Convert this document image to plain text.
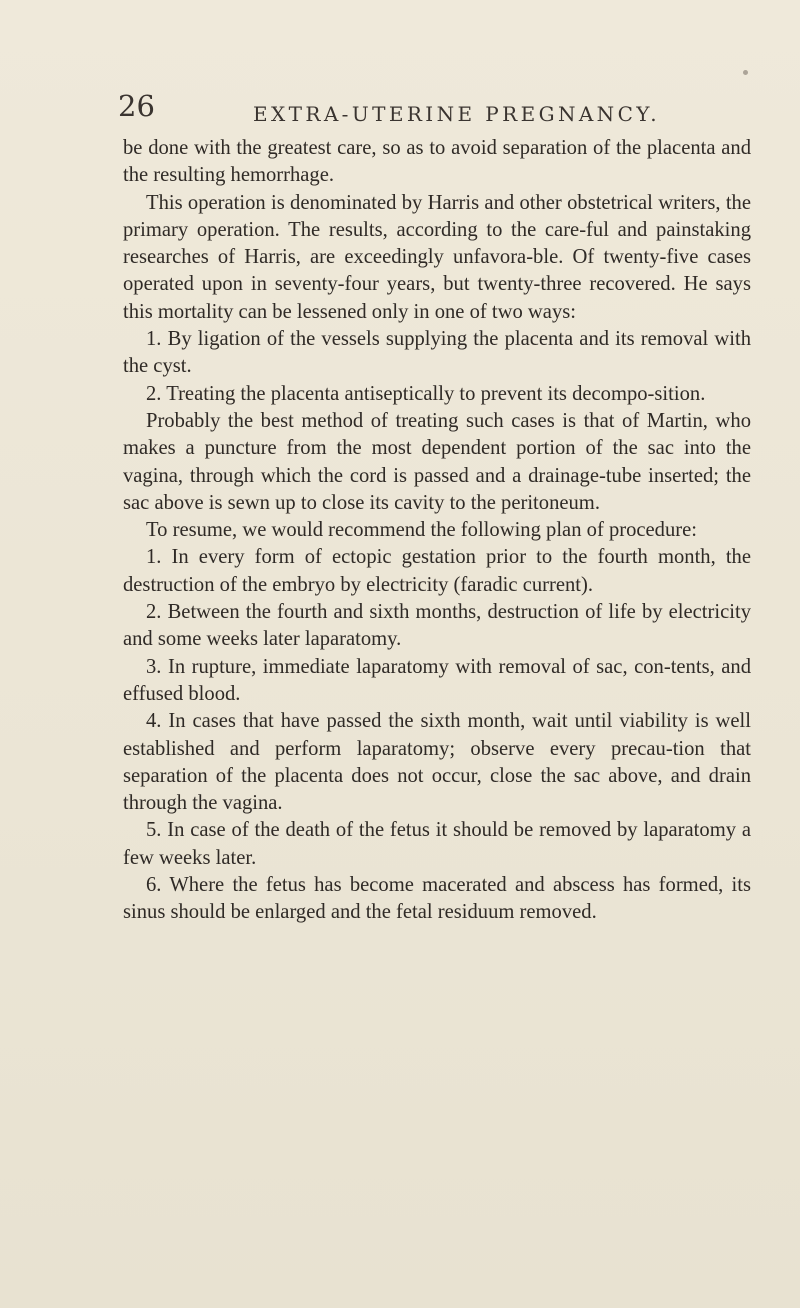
26	EXTRA-UTERINE PREGNANCY.

be done with the greatest care, so as to avoid separation of the placenta and the resulting hemorrhage.

This operation is denominated by Harris and other obstetrical writers, the primary operation. The results, according to the care-ful and painstaking researches of Harris, are exceedingly unfavora-ble. Of twenty-five cases operated upon in seventy-four years, but twenty-three recovered. He says this mortality can be lessened only in one of two ways:

1. By ligation of the vessels supplying the placenta and its removal with the cyst.

2. Treating the placenta antiseptically to prevent its decompo-sition.

Probably the best method of treating such cases is that of Martin, who makes a puncture from the most dependent portion of the sac into the vagina, through which the cord is passed and a drainage-tube inserted; the sac above is sewn up to close its cavity to the peritoneum.

To resume, we would recommend the following plan of procedure:

1. In every form of ectopic gestation prior to the fourth month, the destruction of the embryo by electricity (faradic current).

2. Between the fourth and sixth months, destruction of life by electricity and some weeks later laparatomy.

3. In rupture, immediate laparatomy with removal of sac, con-tents, and effused blood.

4. In cases that have passed the sixth month, wait until viability is well established and perform laparatomy; observe every precau-tion that separation of the placenta does not occur, close the sac above, and drain through the vagina.

5. In case of the death of the fetus it should be removed by laparatomy a few weeks later.

6. Where the fetus has become macerated and abscess has formed, its sinus should be enlarged and the fetal residuum removed.
